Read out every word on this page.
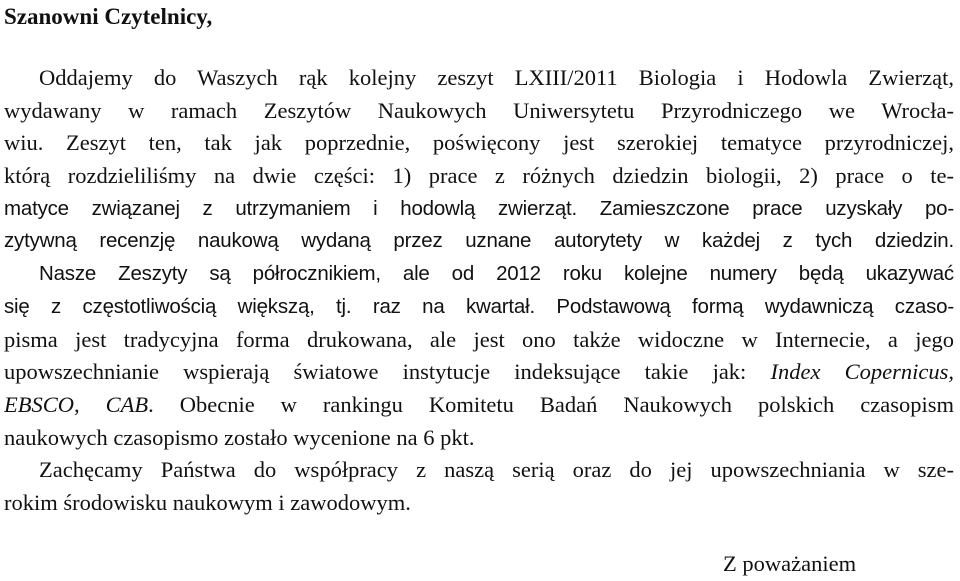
Szanowni Czytelnicy,
Oddajemy do Waszych rąk kolejny zeszyt LXIII/2011 Biologia i Hodowla Zwierząt,
wydawany w ramach Zeszytów Naukowych Uniwersytetu Przyrodniczego we Wrocła-
wiu. Zeszyt ten, tak jak poprzednie, poświęcony jest szerokiej tematyce przyrodniczej,
którą rozdzieliliśmy na dwie części: 1) prace z różnych dziedzin biologii, 2) prace o te-
matyce związanej z utrzymaniem i hodowlą zwierząt. Zamieszczone prace uzyskały po-
zytywną recenzję naukową wydaną przez uznane autorytety w każdej z tych dziedzin.
Nasze Zeszyty są półrocznikiem, ale od 2012 roku kolejne numery będą ukazywać
się z częstotliwością większą, tj. raz na kwartał. Podstawową formą wydawniczą czaso-
pisma jest tradycyjna forma drukowana, ale jest ono także widoczne w Internecie, a jego
upowszechnianie wspierają światowe instytucje indeksujące takie jak: Index Copernicus,
EBSCO, CAB. Obecnie w rankingu Komitetu Badań Naukowych polskich czasopism
naukowych czasopismo zostało wycenione na 6 pkt.
Zachęcamy Państwa do współpracy z naszą serią oraz do jej upowszechniania w sze-
rokim środowisku naukowym i zawodowym.
Z poważaniem
